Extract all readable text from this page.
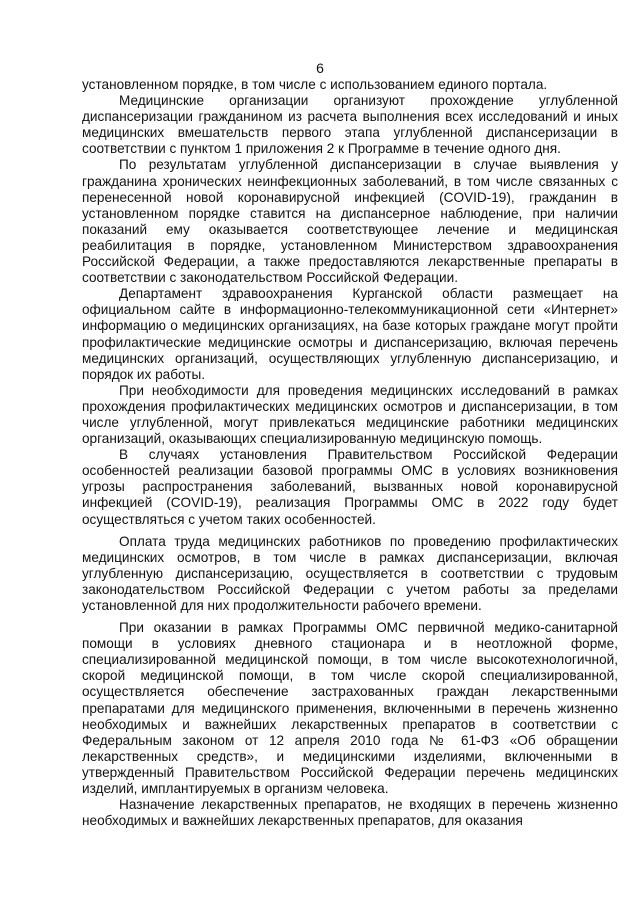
6

установленном порядке, в том числе с использованием единого портала.

Медицинские организации организуют прохождение углубленной диспансеризации гражданином из расчета выполнения всех исследований и иных медицинских вмешательств первого этапа углубленной диспансеризации в соответствии с пунктом 1 приложения 2 к Программе в течение одного дня.

По результатам углубленной диспансеризации в случае выявления у гражданина хронических неинфекционных заболеваний, в том числе связанных с перенесенной новой коронавирусной инфекцией (COVID-19), гражданин в установленном порядке ставится на диспансерное наблюдение, при наличии показаний ему оказывается соответствующее лечение и медицинская реабилитация в порядке, установленном Министерством здравоохранения Российской Федерации, а также предоставляются лекарственные препараты в соответствии с законодательством Российской Федерации.

Департамент здравоохранения Курганской области размещает на официальном сайте в информационно-телекоммуникационной сети «Интернет» информацию о медицинских организациях, на базе которых граждане могут пройти профилактические медицинские осмотры и диспансеризацию, включая перечень медицинских организаций, осуществляющих углубленную диспансеризацию, и порядок их работы.

При необходимости для проведения медицинских исследований в рамках прохождения профилактических медицинских осмотров и диспансеризации, в том числе углубленной, могут привлекаться медицинские работники медицинских организаций, оказывающих специализированную медицинскую помощь.

В случаях установления Правительством Российской Федерации особенностей реализации базовой программы ОМС в условиях возникновения угрозы распространения заболеваний, вызванных новой коронавирусной инфекцией (COVID-19), реализация Программы ОМС в 2022 году будет осуществляться с учетом таких особенностей.

Оплата труда медицинских работников по проведению профилактических медицинских осмотров, в том числе в рамках диспансеризации, включая углубленную диспансеризацию, осуществляется в соответствии с трудовым законодательством Российской Федерации с учетом работы за пределами установленной для них продолжительности рабочего времени.

При оказании в рамках Программы ОМС первичной медико-санитарной помощи в условиях дневного стационара и в неотложной форме, специализированной медицинской помощи, в том числе высокотехнологичной, скорой медицинской помощи, в том числе скорой специализированной, осуществляется обеспечение застрахованных граждан лекарственными препаратами для медицинского применения, включенными в перечень жизненно необходимых и важнейших лекарственных препаратов в соответствии с Федеральным законом от 12 апреля 2010 года № 61-ФЗ «Об обращении лекарственных средств», и медицинскими изделиями, включенными в утвержденный Правительством Российской Федерации перечень медицинских изделий, имплантируемых в организм человека.

Назначение лекарственных препаратов, не входящих в перечень жизненно необходимых и важнейших лекарственных препаратов, для оказания
